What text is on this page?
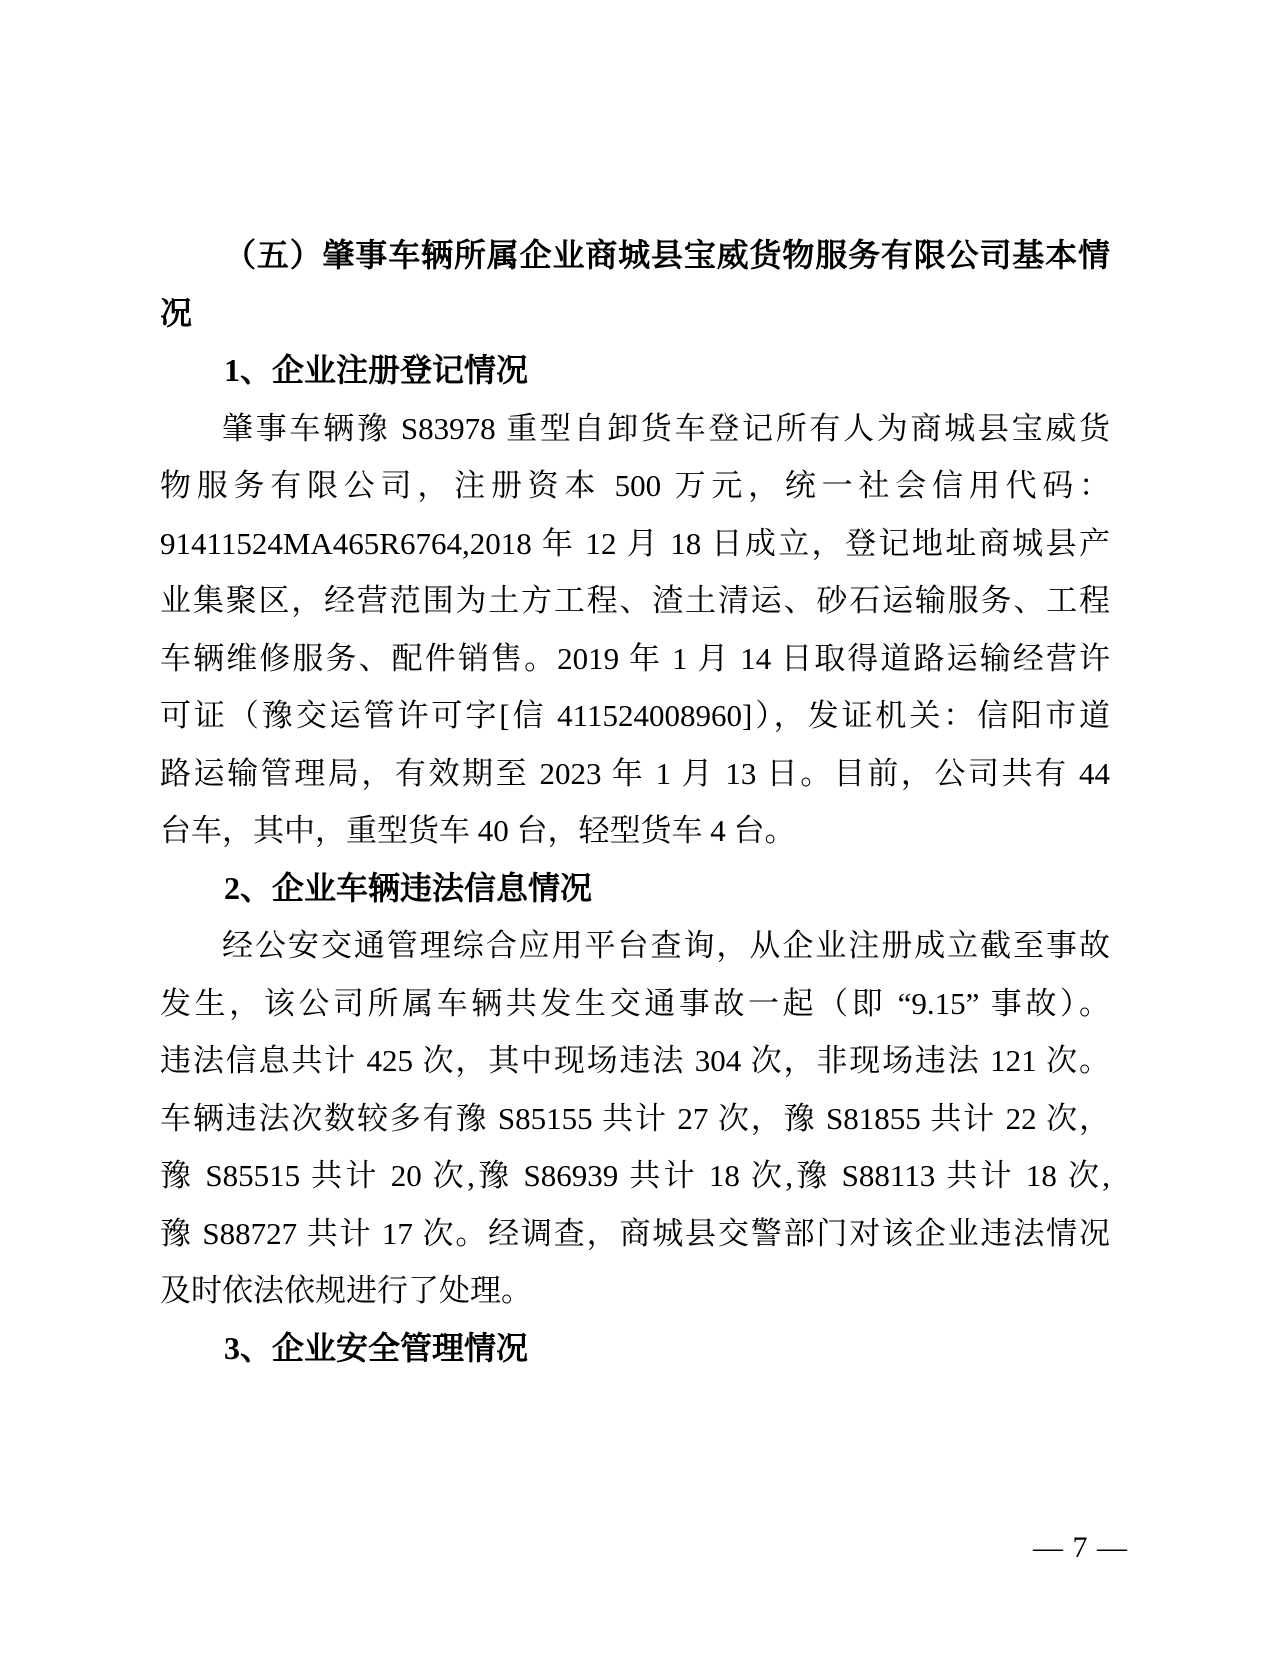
（五）肇事车辆所属企业商城县宝威货物服务有限公司基本情
况
1、企业注册登记情况
肇事车辆豫 S83978 重型自卸货车登记所有人为商城县宝威货
物服务有限公司，注册资本 500 万元，统一社会信用代码：
91411524MA465R6764,2018 年 12 月 18 日成立，登记地址商城县产
业集聚区，经营范围为土方工程、渣土清运、砂石运输服务、工程
车辆维修服务、配件销售。2019 年 1 月 14 日取得道路运输经营许
可证（豫交运管许可字[信 411524008960]），发证机关：信阳市道
路运输管理局，有效期至 2023 年 1 月 13 日。目前，公司共有 44
台车，其中，重型货车 40 台，轻型货车 4 台。
2、企业车辆违法信息情况
经公安交通管理综合应用平台查询，从企业注册成立截至事故
发生，该公司所属车辆共发生交通事故一起（即 “9.15” 事故）。
违法信息共计 425 次，其中现场违法 304 次，非现场违法 121 次。
车辆违法次数较多有豫 S85155 共计 27 次，豫 S81855 共计 22 次，
豫 S85515 共计 20 次,豫 S86939 共计 18 次,豫 S88113 共计 18 次,
豫 S88727 共计 17 次。经调查，商城县交警部门对该企业违法情况
及时依法依规进行了处理。
3、企业安全管理情况
— 7 —
